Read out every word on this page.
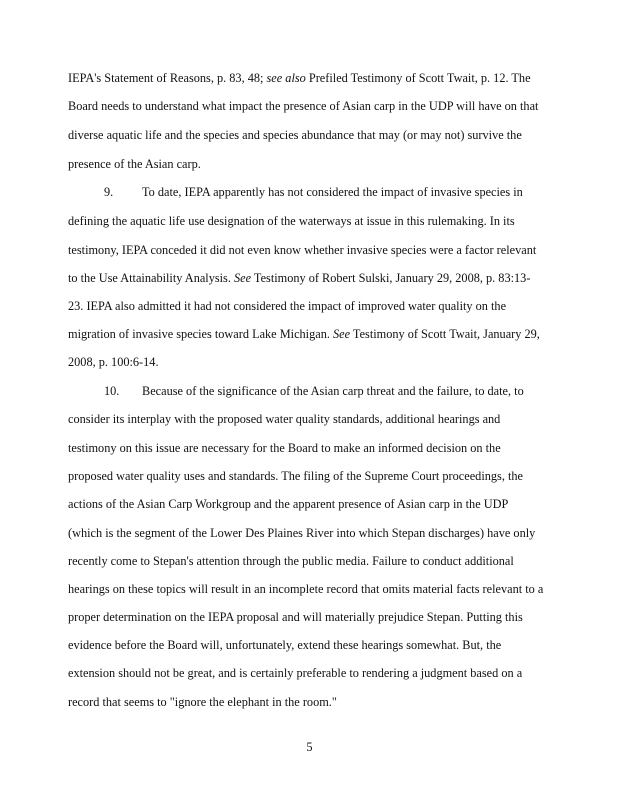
IEPA's Statement of Reasons, p. 83, 48; see also Prefiled Testimony of Scott Twait, p. 12. The
Board needs to understand what impact the presence of Asian carp in the UDP will have on that
diverse aquatic life and the species and species abundance that may (or may not) survive the
presence of the Asian carp.
9. To date, IEPA apparently has not considered the impact of invasive species in
defining the aquatic life use designation of the waterways at issue in this rulemaking. In its
testimony, IEPA conceded it did not even know whether invasive species were a factor relevant
to the Use Attainability Analysis. See Testimony of Robert Sulski, January 29, 2008, p. 83:13-
23. IEPA also admitted it had not considered the impact of improved water quality on the
migration of invasive species toward Lake Michigan. See Testimony of Scott Twait, January 29,
2008, p. 100:6-14.
10. Because of the significance of the Asian carp threat and the failure, to date, to
consider its interplay with the proposed water quality standards, additional hearings and
testimony on this issue are necessary for the Board to make an informed decision on the
proposed water quality uses and standards. The filing of the Supreme Court proceedings, the
actions of the Asian Carp Workgroup and the apparent presence of Asian carp in the UDP
(which is the segment of the Lower Des Plaines River into which Stepan discharges) have only
recently come to Stepan's attention through the public media. Failure to conduct additional
hearings on these topics will result in an incomplete record that omits material facts relevant to a
proper determination on the IEPA proposal and will materially prejudice Stepan. Putting this
evidence before the Board will, unfortunately, extend these hearings somewhat. But, the
extension should not be great, and is certainly preferable to rendering a judgment based on a
record that seems to "ignore the elephant in the room."
5
